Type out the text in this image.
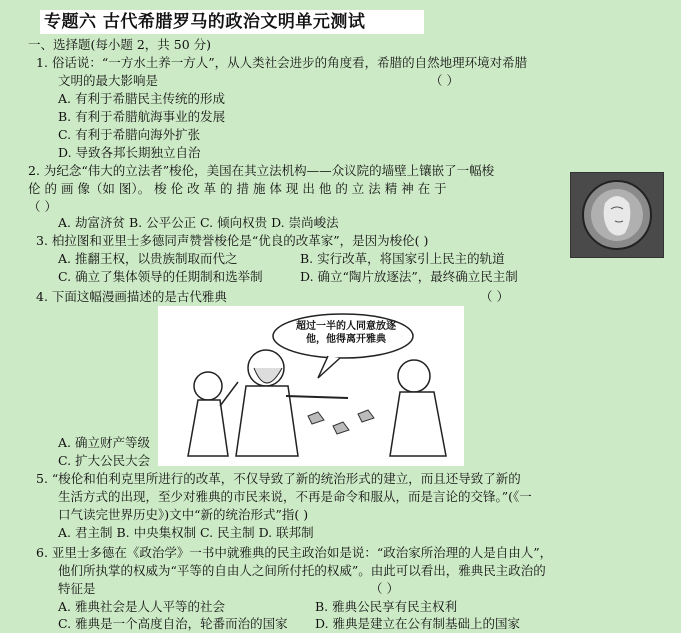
专题六 古代希腊罗马的政治文明单元测试
一、选择题(每小题 2，共 50 分)
1. 俗话说：“一方水土养一方人”，从人类社会进步的角度看，希腊的自然地理环境对希腊
文明的最大影响是	（ ）
A. 有利于希腊民主传统的形成
B. 有利于希腊航海事业的发展
C. 有利于希腊向海外扩张
D. 导致各邦长期独立自治
2. 为纪念“伟大的立法者”梭伦，美国在其立法机构——众议院的墙壁上镶嵌了一幅梭
伦 的 画 像（如 图）。 梭 伦 改 革 的 措 施 体 现 出 他 的 立 法 精 神 在 于
（ ）
A. 劫富济贫 B. 公平公正 C. 倾向权贵 D. 崇尚峻法
3. 柏拉图和亚里士多德同声赞誉梭伦是“优良的改革家”，是因为梭伦( )
A. 推翻王权，以贵族制取而代之	B. 实行改革，将国家引上民主的轨道
C. 确立了集体领导的任期制和选举制	D. 确立“陶片放逐法”，最终确立民主制
4. 下面这幅漫画描述的是古代雅典	（ ）
超过一半的人同意放逐
他，他得离开雅典
A. 确立财产等级
C. 扩大公民大会
5. “梭伦和伯利克里所进行的改革，不仅导致了新的统治形式的建立，而且还导致了新的
生活方式的出现，至少对雅典的市民来说，不再是命令和服从，而是言论的交锋。”(《一
口气读完世界历史》)文中“新的统治形式”指( )
A. 君主制 B. 中央集权制 C. 民主制 D. 联邦制
6. 亚里士多德在《政治学》一书中就雅典的民主政治如是说：“政治家所治理的人是自由人”，
他们所执掌的权威为“平等的自由人之间所付托的权威”。由此可以看出，雅典民主政治的
特征是	（ ）
A. 雅典社会是人人平等的社会	B. 雅典公民享有民主权利
C. 雅典是一个高度自治，轮番而治的国家 D. 雅典是建立在公有制基础上的国家
